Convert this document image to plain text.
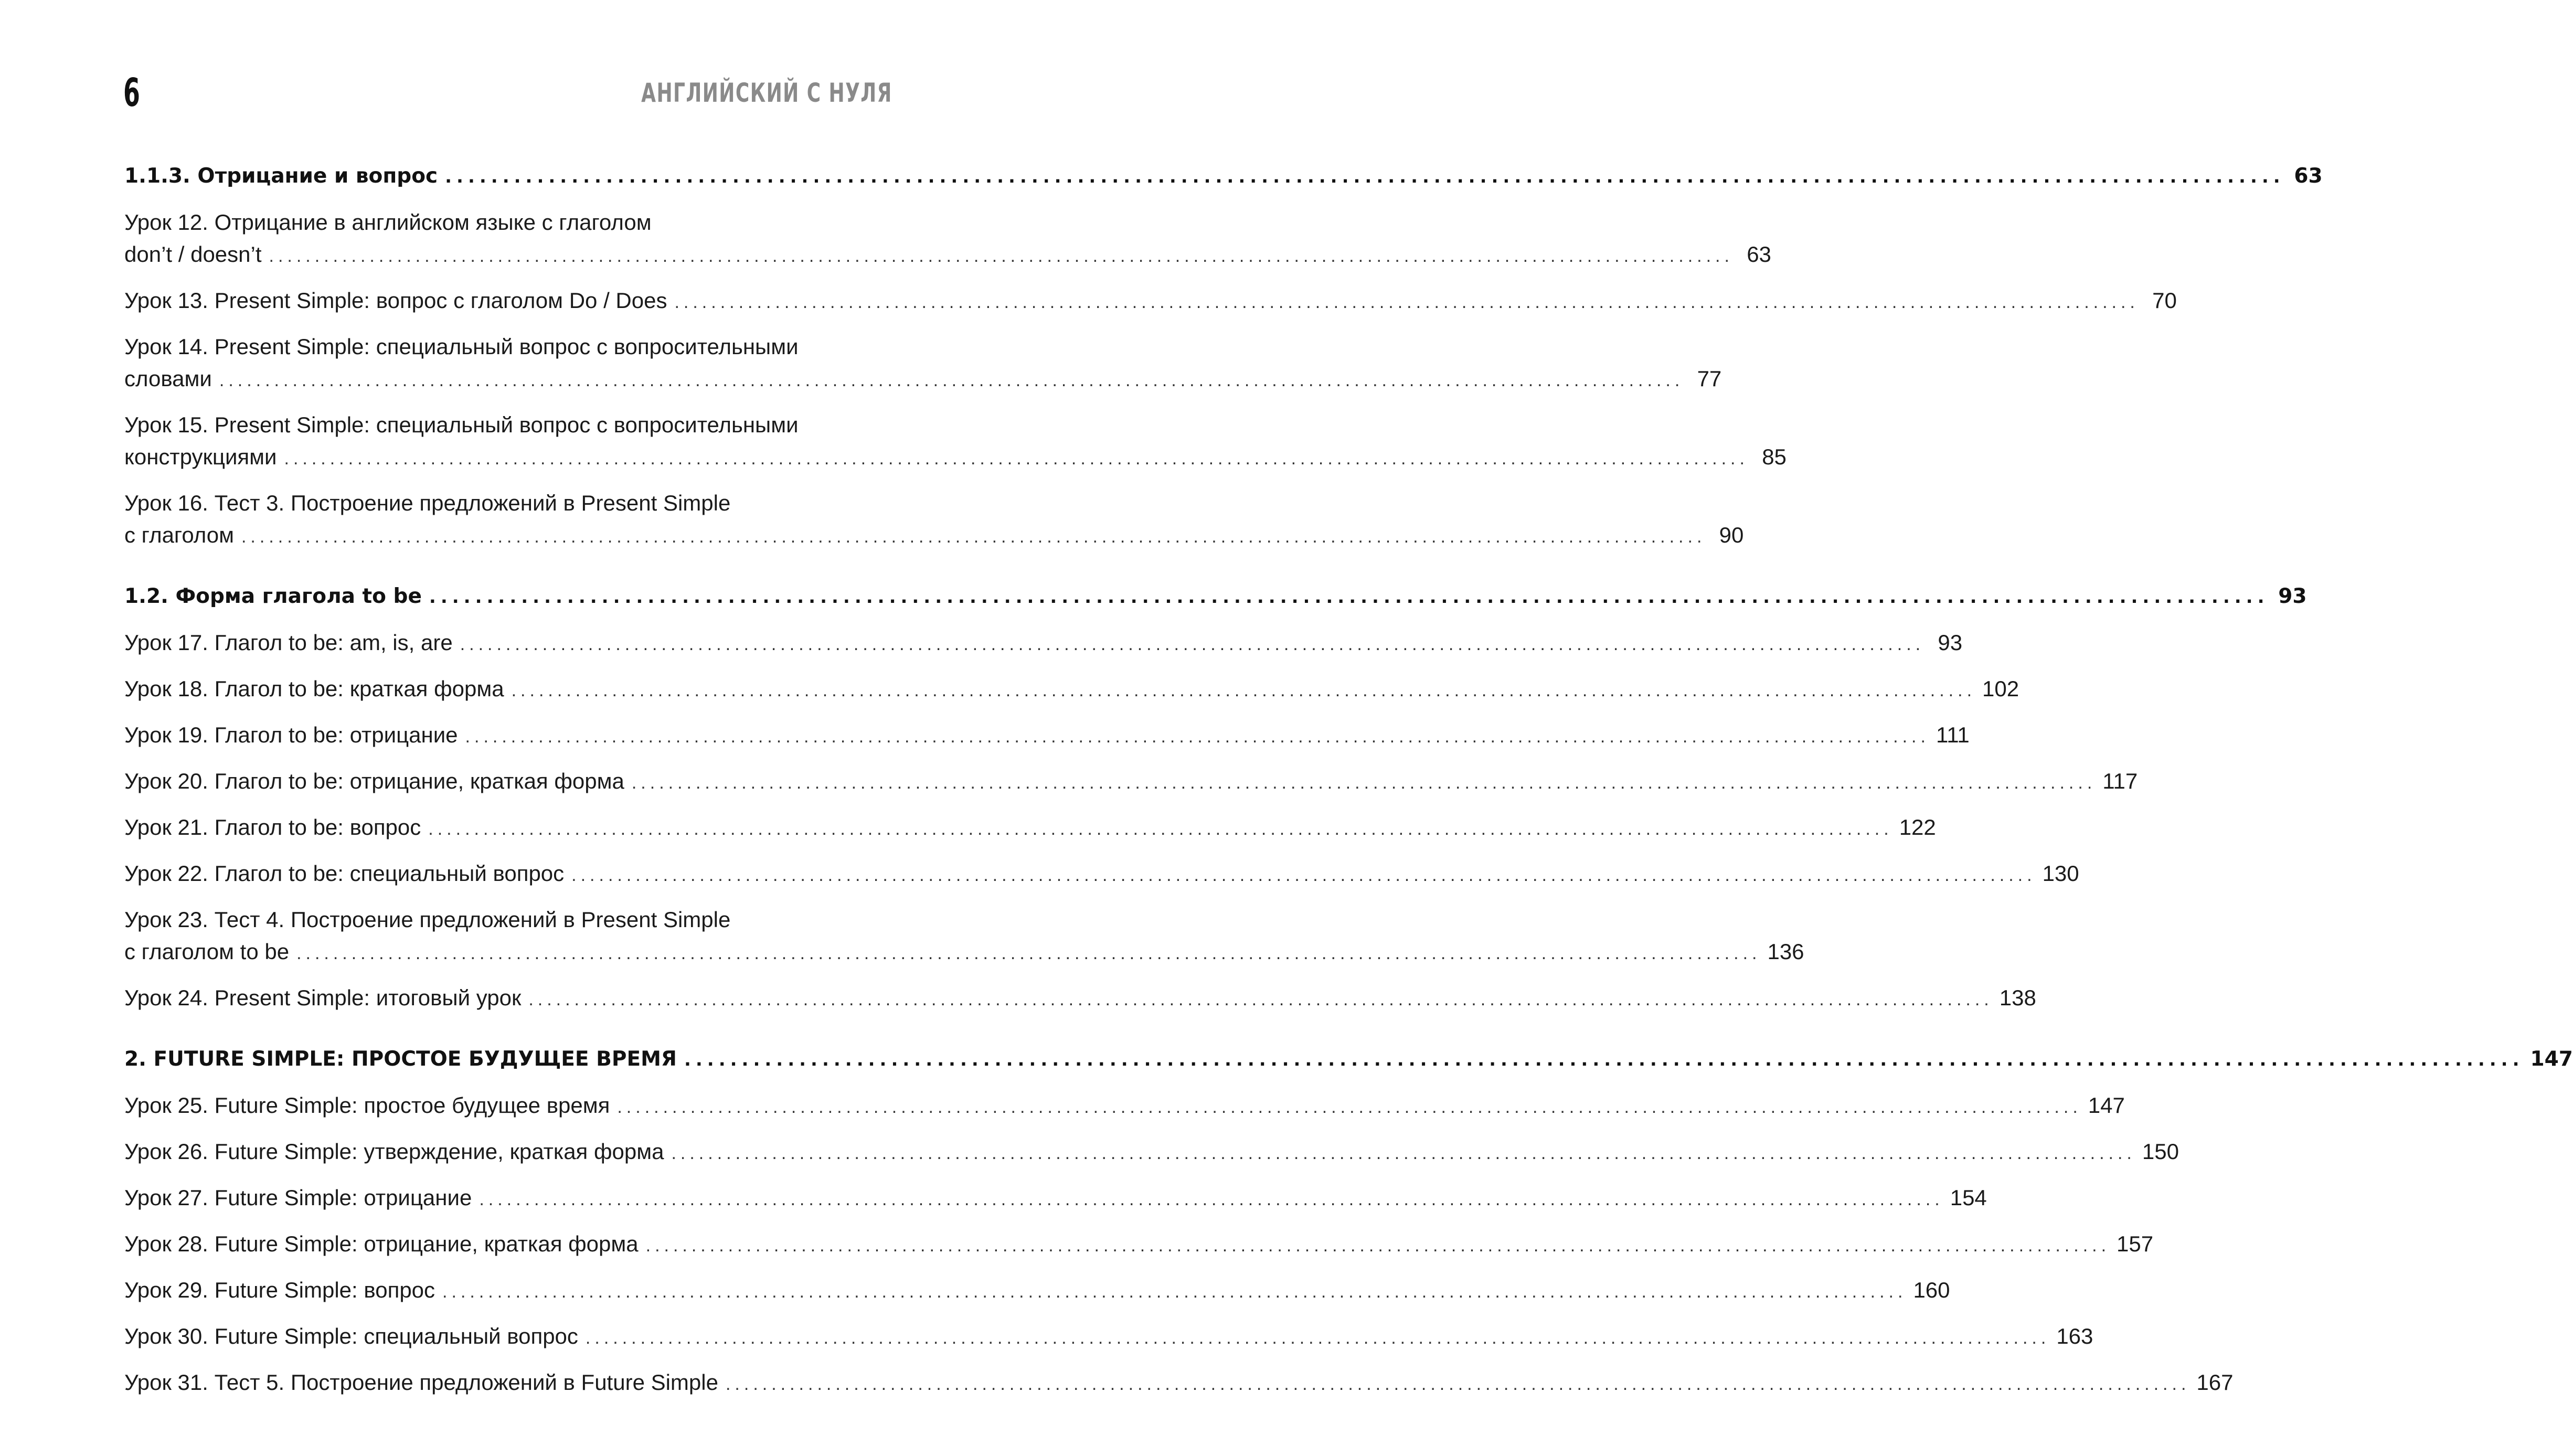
6	АНГЛИЙСКИЙ С НУЛЯ
1.1.3. Отрицание и вопрос ................................................................................................................................................................ 63
Урок 12. Отрицание в английском языке с глаголом
don’t / doesn’t ................................................................................................................................................................ 63
Урок 13. Present Simple: вопрос с глаголом Do / Does ................................................................................................................................................................ 70
Урок 14. Present Simple: специальный вопрос с вопросительными
словами ................................................................................................................................................................ 77
Урок 15. Present Simple: специальный вопрос с вопросительными
конструкциями ................................................................................................................................................................ 85
Урок 16. Тест 3. Построение предложений в Present Simple
с глаголом ................................................................................................................................................................ 90
1.2. Форма глагола to be ................................................................................................................................................................ 93
Урок 17. Глагол to be: am, is, are ................................................................................................................................................................ 93
Урок 18. Глагол to be: краткая форма ................................................................................................................................................................ 102
Урок 19. Глагол to be: отрицание ................................................................................................................................................................ 111
Урок 20. Глагол to be: отрицание, краткая форма ................................................................................................................................................................ 117
Урок 21. Глагол to be: вопрос ................................................................................................................................................................ 122
Урок 22. Глагол to be: специальный вопрос ................................................................................................................................................................ 130
Урок 23. Тест 4. Построение предложений в Present Simple
с глаголом to be ................................................................................................................................................................ 136
Урок 24. Present Simple: итоговый урок ................................................................................................................................................................ 138
2. FUTURE SIMPLE: ПРОСТОЕ БУДУЩЕЕ ВРЕМЯ ................................................................................................................................................................ 147
Урок 25. Future Simple: простое будущее время ................................................................................................................................................................ 147
Урок 26. Future Simple: утверждение, краткая форма ................................................................................................................................................................ 150
Урок 27. Future Simple: отрицание ................................................................................................................................................................ 154
Урок 28. Future Simple: отрицание, краткая форма ................................................................................................................................................................ 157
Урок 29. Future Simple: вопрос ................................................................................................................................................................ 160
Урок 30. Future Simple: специальный вопрос ................................................................................................................................................................ 163
Урок 31. Тест 5. Построение предложений в Future Simple ................................................................................................................................................................ 167
